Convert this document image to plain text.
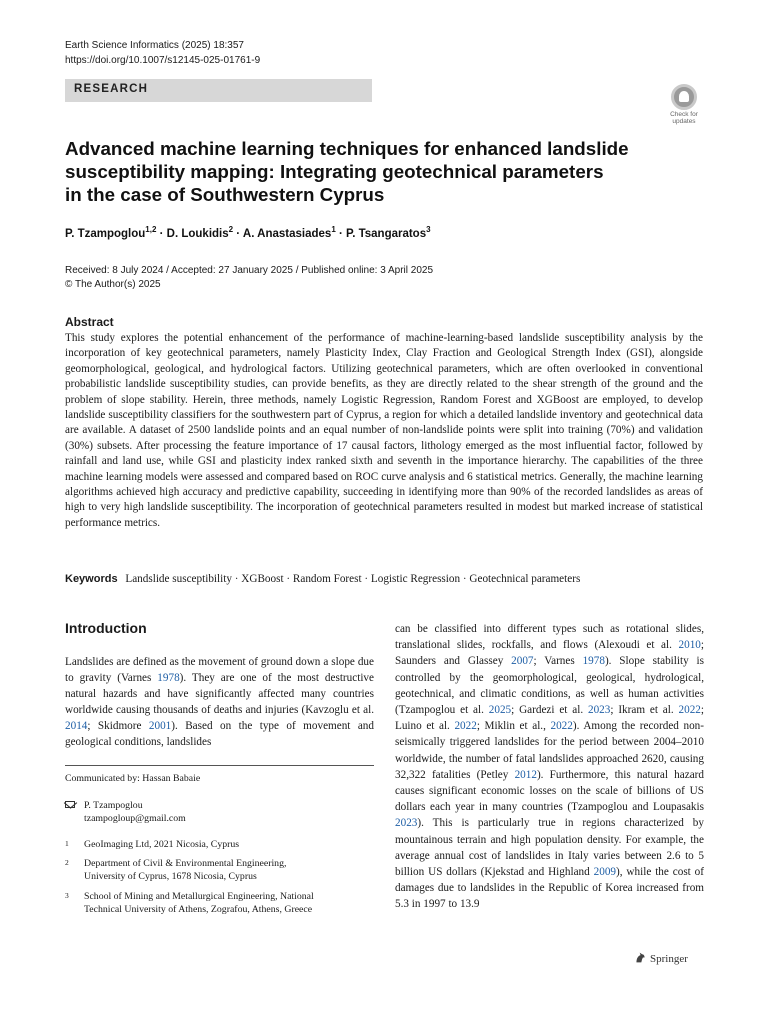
Earth Science Informatics (2025) 18:357
https://doi.org/10.1007/s12145-025-01761-9
RESEARCH
Check for
updates
Advanced machine learning techniques for enhanced landslide
susceptibility mapping: Integrating geotechnical parameters
in the case of Southwestern Cyprus
P. Tzampoglou$^{1,2}$ · D. Loukidis$^2$ · A. Anastasiades$^1$ · P. Tsangaratos$^3$
Received: 8 July 2024 / Accepted: 27 January 2025 / Published online: 3 April 2025
© The Author(s) 2025
Abstract
This study explores the potential enhancement of the performance of machine-learning-based landslide susceptibility analysis by the incorporation of key geotechnical parameters, namely Plasticity Index, Clay Fraction and Geological Strength Index (GSI), alongside geomorphological, geological, and hydrological factors. Utilizing geotechnical parameters, which are often overlooked in conventional probabilistic landslide susceptibility studies, can provide benefits, as they are directly related to the shear strength of the ground and the problem of slope stability. Herein, three methods, namely Logistic Regression, Random Forest and XGBoost are employed, to develop landslide susceptibility classifiers for the southwestern part of Cyprus, a region for which a detailed landslide inventory and geotechnical data are available. A dataset of 2500 landslide points and an equal number of non-landslide points were split into training (70%) and validation (30%) subsets. After processing the feature importance of 17 causal factors, lithology emerged as the most influential factor, followed by rainfall and land use, while GSI and plasticity index ranked sixth and seventh in the importance hierarchy. The capabilities of the three machine learning models were assessed and compared based on ROC curve analysis and 6 statistical metrics. Generally, the machine learning algorithms achieved high accuracy and predictive capability, succeeding in identifying more than 90% of the recorded landslides as areas of high to very high landslide susceptibility. The incorporation of geotechnical parameters resulted in modest but marked increase of statistical performance metrics.
Keywords Landslide susceptibility · XGBoost · Random Forest · Logistic Regression · Geotechnical parameters
Introduction
Landslides are defined as the movement of ground down a slope due to gravity (Varnes 1978). They are one of the most destructive natural hazards and have significantly affected many countries worldwide causing thousands of deaths and injuries (Kavzoglu et al. 2014; Skidmore 2001). Based on the type of movement and geological conditions, landslides
can be classified into different types such as rotational slides, translational slides, rockfalls, and flows (Alexoudi et al. 2010; Saunders and Glassey 2007; Varnes 1978). Slope stability is controlled by the geomorphological, geological, hydrological, geotechnical, and climatic conditions, as well as human activities (Tzampoglou et al. 2025; Gardezi et al. 2023; Ikram et al. 2022; Luino et al. 2022; Miklin et al., 2022). Among the recorded non-seismically triggered landslides for the period between 2004–2010 worldwide, the number of fatal landslides approached 2620, causing 32,322 fatalities (Petley 2012). Furthermore, this natural hazard causes significant economic losses on the scale of billions of US dollars each year in many countries (Tzampoglou and Loupasakis 2023). This is particularly true in regions characterized by mountainous terrain and high population density. For example, the average annual cost of landslides in Italy varies between 2.6 to 5 billion US dollars (Kjekstad and Highland 2009), while the cost of damages due to landslides in the Republic of Korea increased from 5.3 in 1997 to 13.9
Communicated by: Hassan Babaie
P. Tzampoglou
tzampogloup@gmail.com
1 GeoImaging Ltd, 2021 Nicosia, Cyprus
2 Department of Civil & Environmental Engineering,
University of Cyprus, 1678 Nicosia, Cyprus
3 School of Mining and Metallurgical Engineering, National
Technical University of Athens, Zografou, Athens, Greece
Springer
